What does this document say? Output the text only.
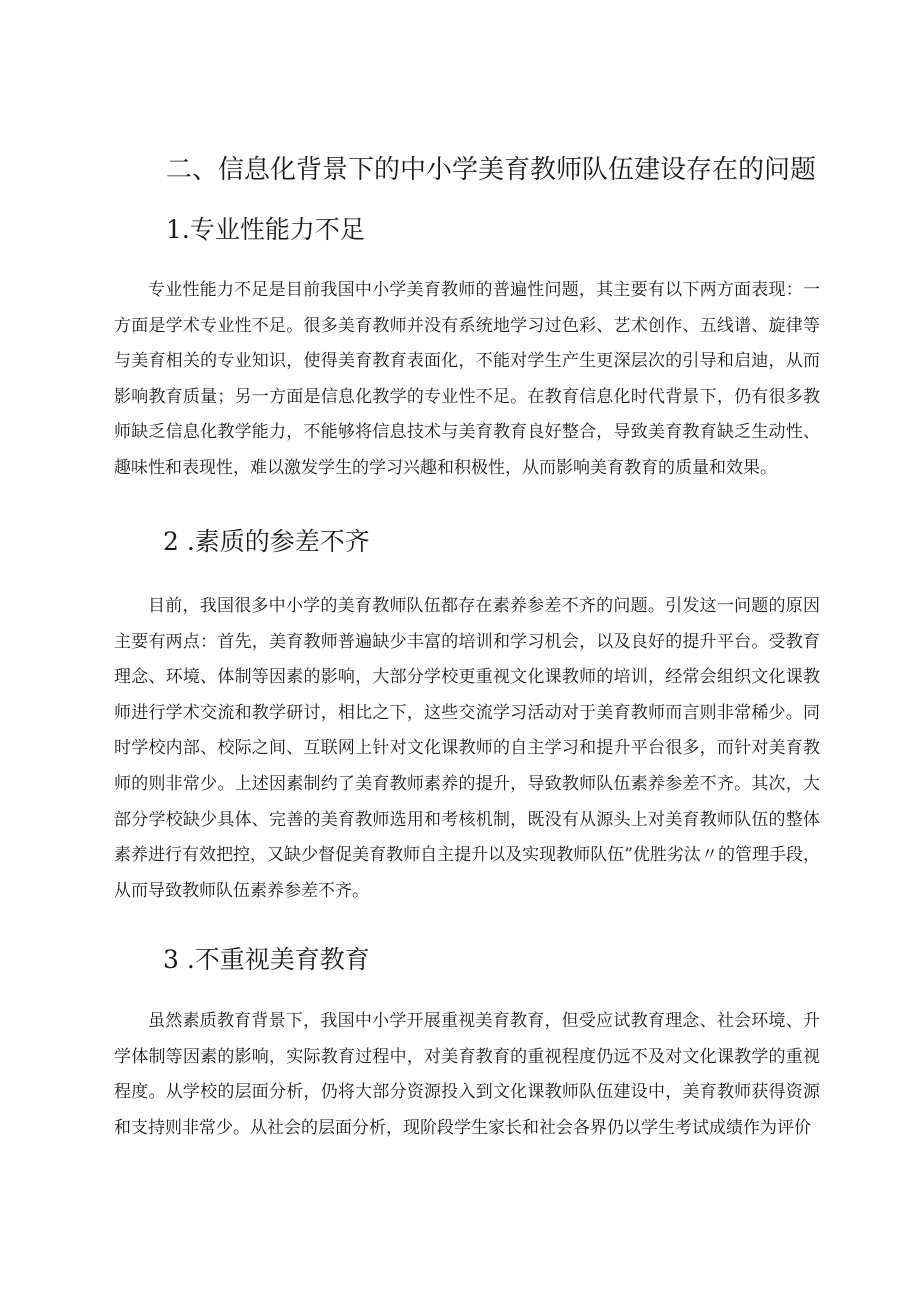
二、信息化背景下的中小学美育教师队伍建设存在的问题
1.专业性能力不足

专业性能力不足是目前我国中小学美育教师的普遍性问题，其主要有以下两方面表现：一方面是学术专业性不足。很多美育教师并没有系统地学习过色彩、艺术创作、五线谱、旋律等与美育相关的专业知识，使得美育教育表面化，不能对学生产生更深层次的引导和启迪，从而影响教育质量；另一方面是信息化教学的专业性不足。在教育信息化时代背景下，仍有很多教师缺乏信息化教学能力，不能够将信息技术与美育教育良好整合，导致美育教育缺乏生动性、趣味性和表现性，难以激发学生的学习兴趣和积极性，从而影响美育教育的质量和效果。

2 .素质的参差不齐

目前，我国很多中小学的美育教师队伍都存在素养参差不齐的问题。引发这一问题的原因主要有两点：首先，美育教师普遍缺少丰富的培训和学习机会，以及良好的提升平台。受教育理念、环境、体制等因素的影响，大部分学校更重视文化课教师的培训，经常会组织文化课教师进行学术交流和教学研讨，相比之下，这些交流学习活动对于美育教师而言则非常稀少。同时学校内部、校际之间、互联网上针对文化课教师的自主学习和提升平台很多，而针对美育教师的则非常少。上述因素制约了美育教师素养的提升，导致教师队伍素养参差不齐。其次，大部分学校缺少具体、完善的美育教师选用和考核机制，既没有从源头上对美育教师队伍的整体素养进行有效把控，又缺少督促美育教师自主提升以及实现教师队伍”优胜劣汰〃的管理手段，从而导致教师队伍素养参差不齐。

3 .不重视美育教育

虽然素质教育背景下，我国中小学开展重视美育教育，但受应试教育理念、社会环境、升学体制等因素的影响，实际教育过程中，对美育教育的重视程度仍远不及对文化课教学的重视程度。从学校的层面分析，仍将大部分资源投入到文化课教师队伍建设中，美育教师获得资源和支持则非常少。从社会的层面分析，现阶段学生家长和社会各界仍以学生考试成绩作为评价
